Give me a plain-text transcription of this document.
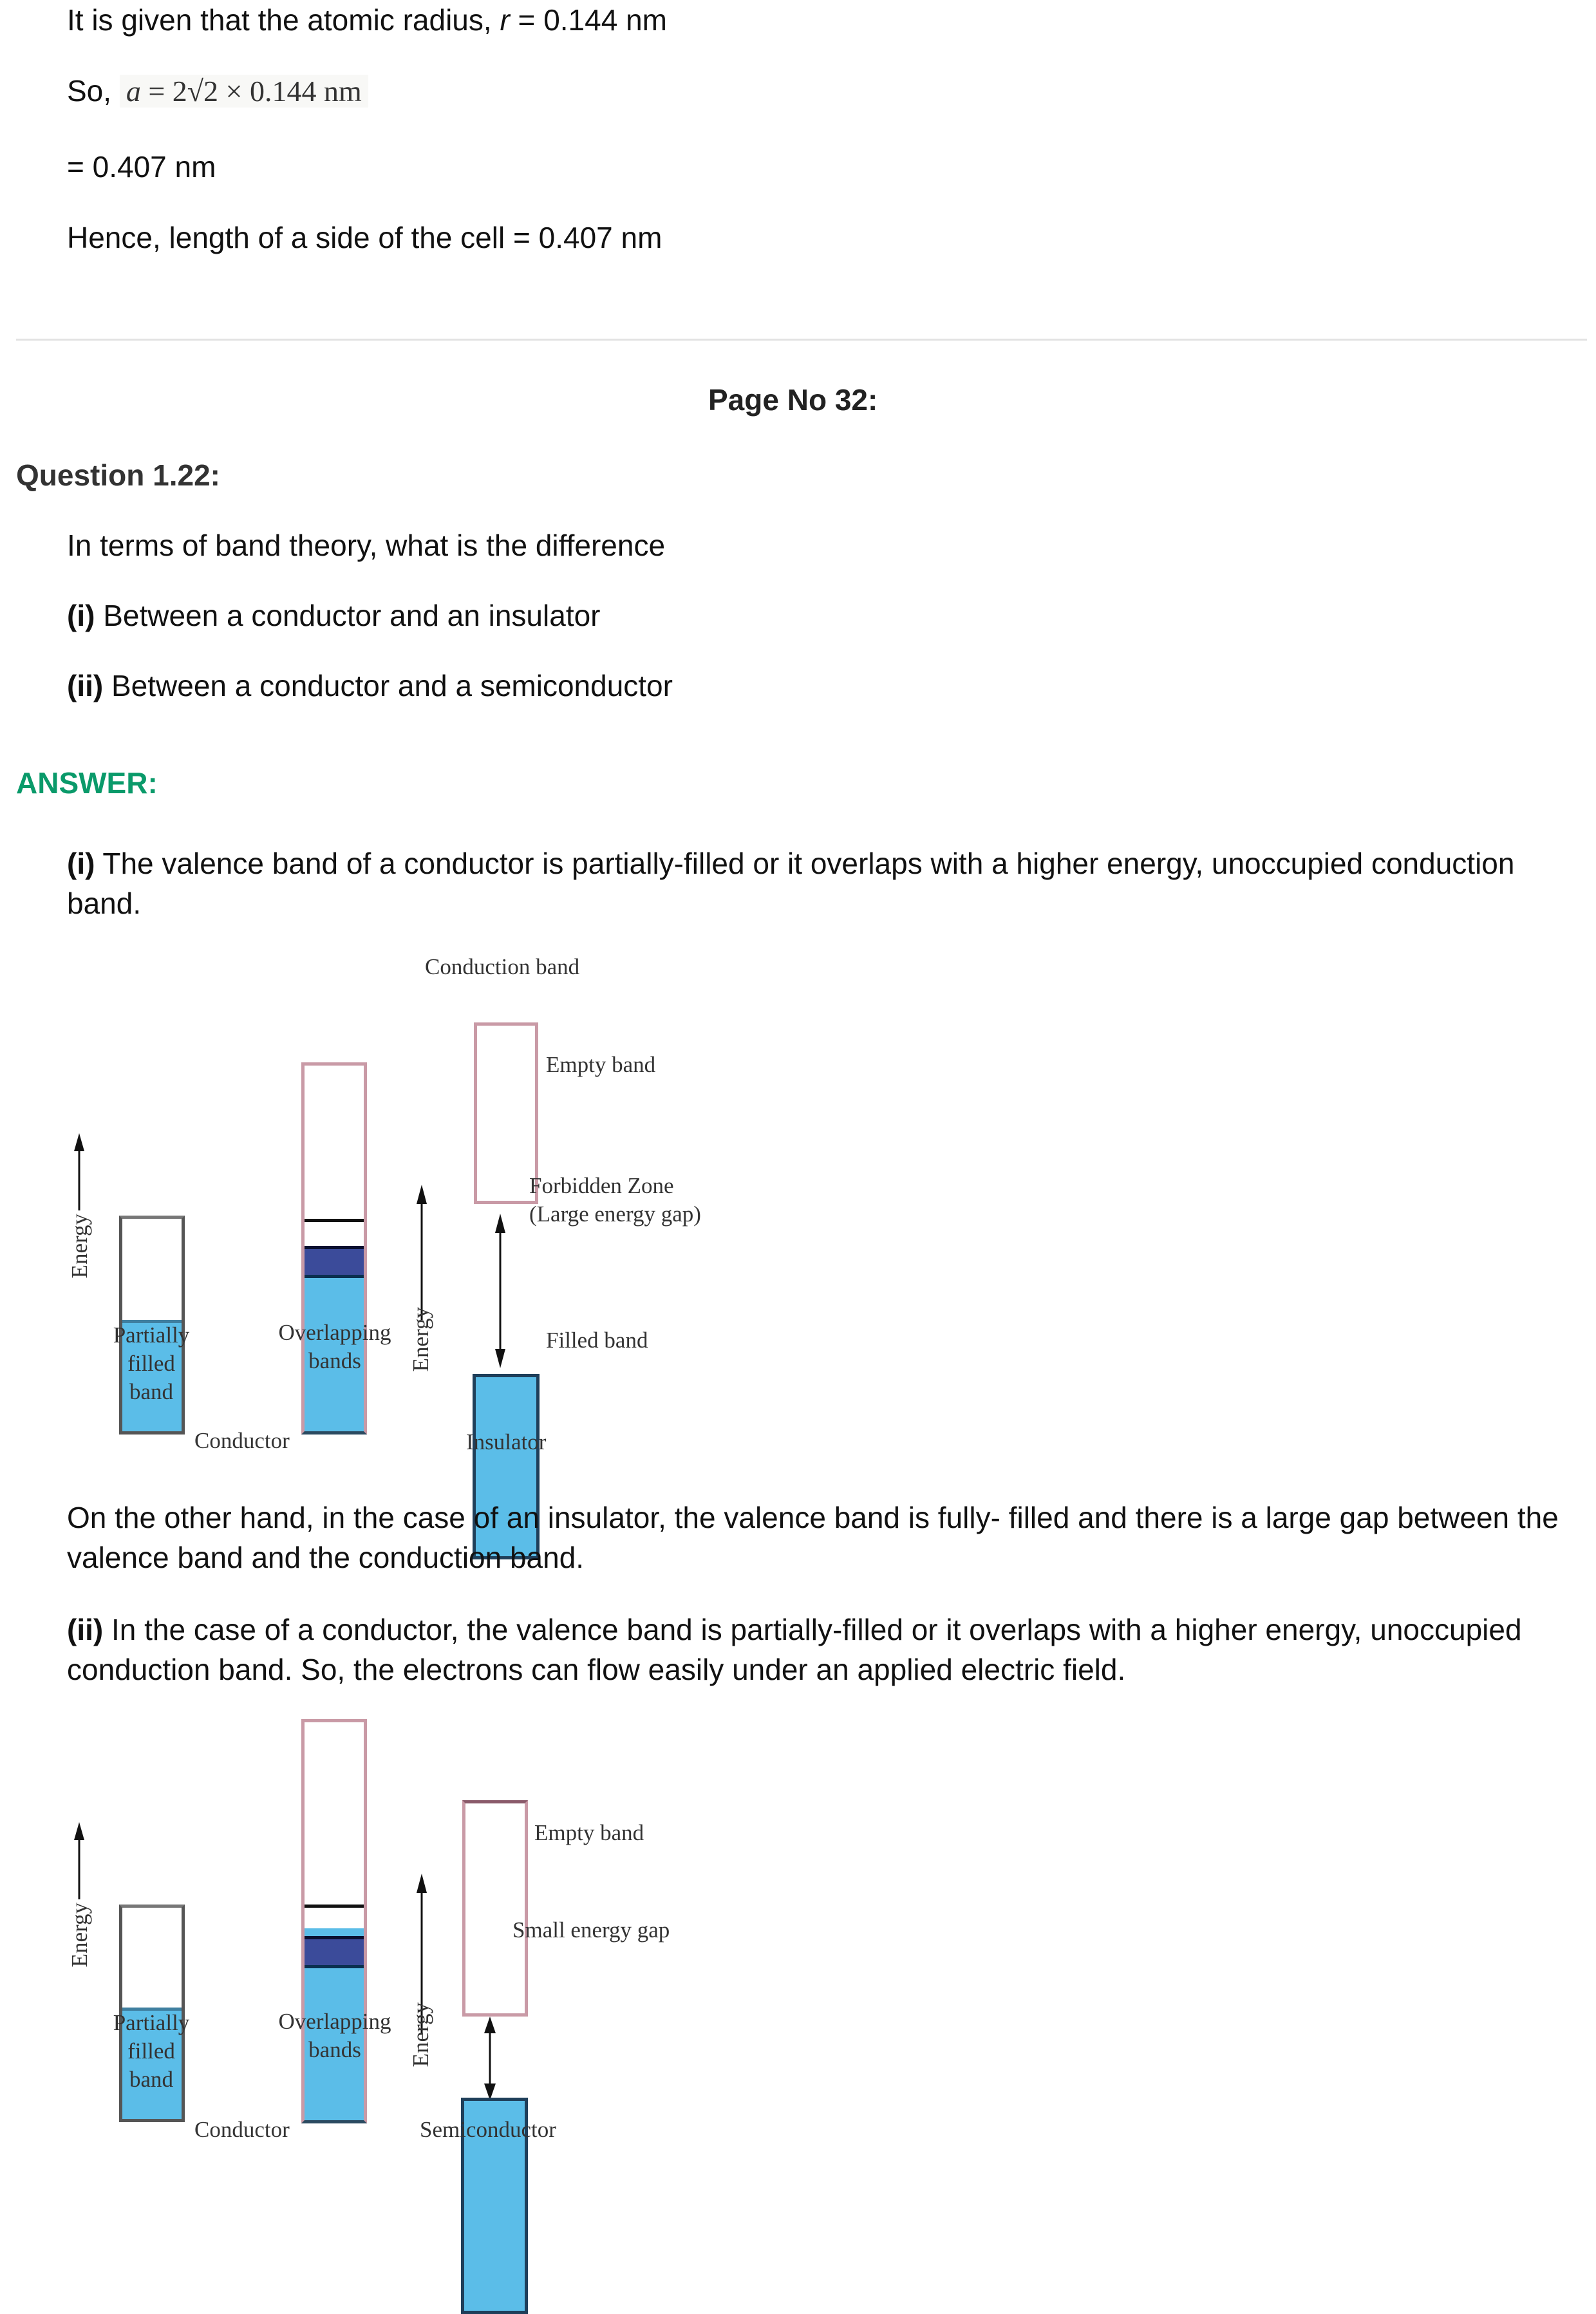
It is given that the atomic radius, r = 0.144 nm
So, a = 2√2 × 0.144 nm
= 0.407 nm
Hence, length of a side of the cell = 0.407 nm
Page No 32:
Question 1.22:
In terms of band theory, what is the difference
(i) Between a conductor and an insulator
(ii) Between a conductor and a semiconductor
ANSWER:
(i) The valence band of a conductor is partially-filled or it overlaps with a higher energy, unoccupied conduction band.
Conduction band
Energy
Partially
filled
band
Overlapping
bands
Conductor
Energy
Empty band
Forbidden Zone
(Large energy gap)
Filled band
Insulator
On the other hand, in the case of an insulator, the valence band is fully- filled and there is a large gap between the valence band and the conduction band.
(ii) In the case of a conductor, the valence band is partially-filled or it overlaps with a higher energy, unoccupied conduction band. So, the electrons can flow easily under an applied electric field.
Energy
Partially
filled
band
Overlapping
bands
Conductor
Energy
Empty band
Small energy gap
Semiconductor
